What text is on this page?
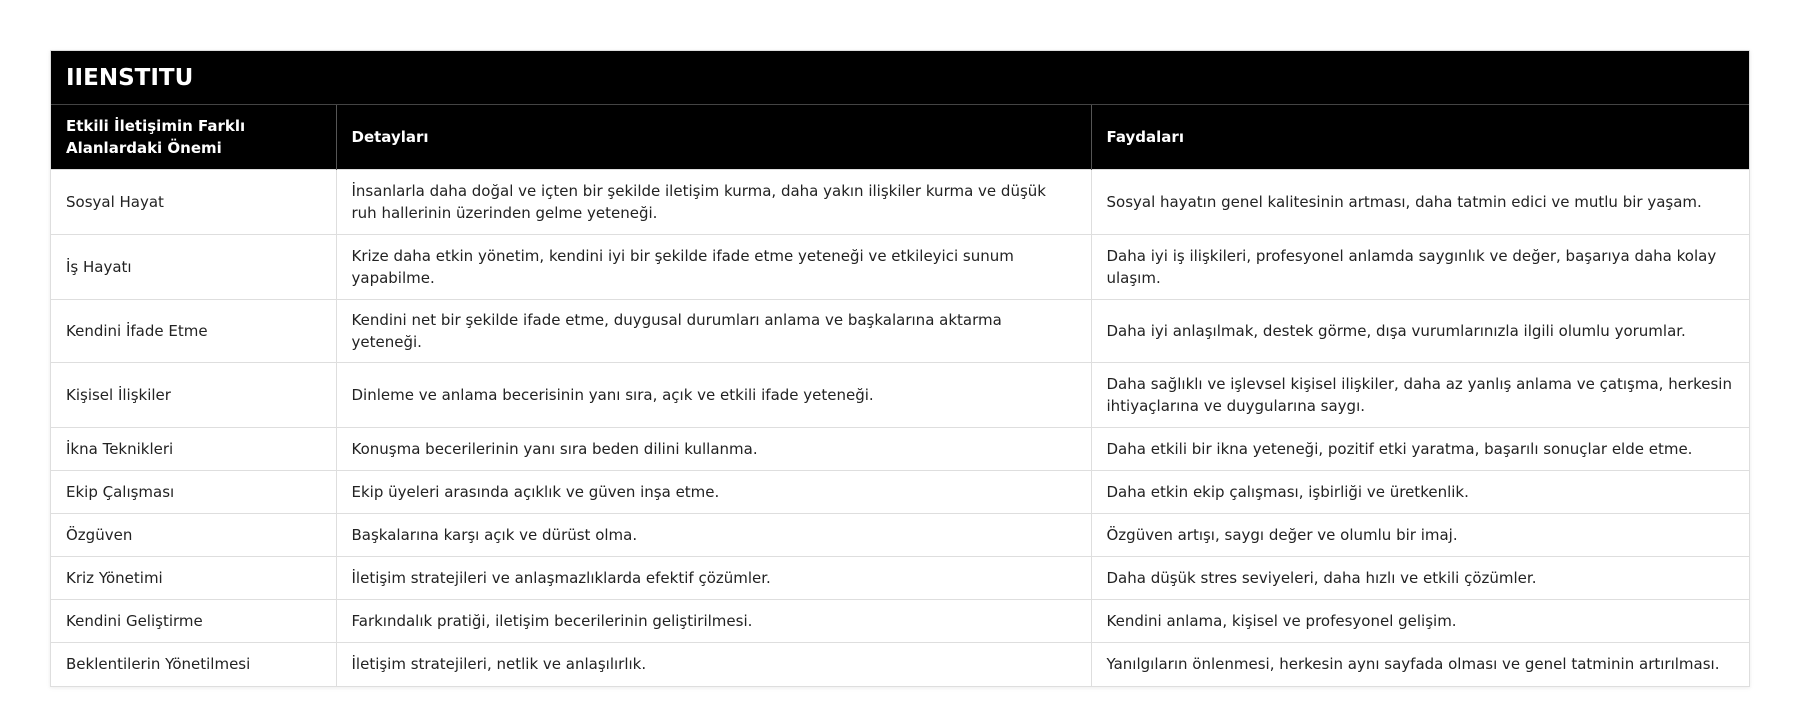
IIENSTITU
Etkili İletişimin Farklı Alanlardaki Önemi	Detayları	Faydaları
Sosyal Hayat	İnsanlarla daha doğal ve içten bir şekilde iletişim kurma, daha yakın ilişkiler kurma ve düşük ruh hallerinin üzerinden gelme yeteneği.	Sosyal hayatın genel kalitesinin artması, daha tatmin edici ve mutlu bir yaşam.
İş Hayatı	Krize daha etkin yönetim, kendini iyi bir şekilde ifade etme yeteneği ve etkileyici sunum yapabilme.	Daha iyi iş ilişkileri, profesyonel anlamda saygınlık ve değer, başarıya daha kolay ulaşım.
Kendini İfade Etme	Kendini net bir şekilde ifade etme, duygusal durumları anlama ve başkalarına aktarma yeteneği.	Daha iyi anlaşılmak, destek görme, dışa vurumlarınızla ilgili olumlu yorumlar.
Kişisel İlişkiler	Dinleme ve anlama becerisinin yanı sıra, açık ve etkili ifade yeteneği.	Daha sağlıklı ve işlevsel kişisel ilişkiler, daha az yanlış anlama ve çatışma, herkesin ihtiyaçlarına ve duygularına saygı.
İkna Teknikleri	Konuşma becerilerinin yanı sıra beden dilini kullanma.	Daha etkili bir ikna yeteneği, pozitif etki yaratma, başarılı sonuçlar elde etme.
Ekip Çalışması	Ekip üyeleri arasında açıklık ve güven inşa etme.	Daha etkin ekip çalışması, işbirliği ve üretkenlik.
Özgüven	Başkalarına karşı açık ve dürüst olma.	Özgüven artışı, saygı değer ve olumlu bir imaj.
Kriz Yönetimi	İletişim stratejileri ve anlaşmazlıklarda efektif çözümler.	Daha düşük stres seviyeleri, daha hızlı ve etkili çözümler.
Kendini Geliştirme	Farkındalık pratiği, iletişim becerilerinin geliştirilmesi.	Kendini anlama, kişisel ve profesyonel gelişim.
Beklentilerin Yönetilmesi	İletişim stratejileri, netlik ve anlaşılırlık.	Yanılgıların önlenmesi, herkesin aynı sayfada olması ve genel tatminin artırılması.
